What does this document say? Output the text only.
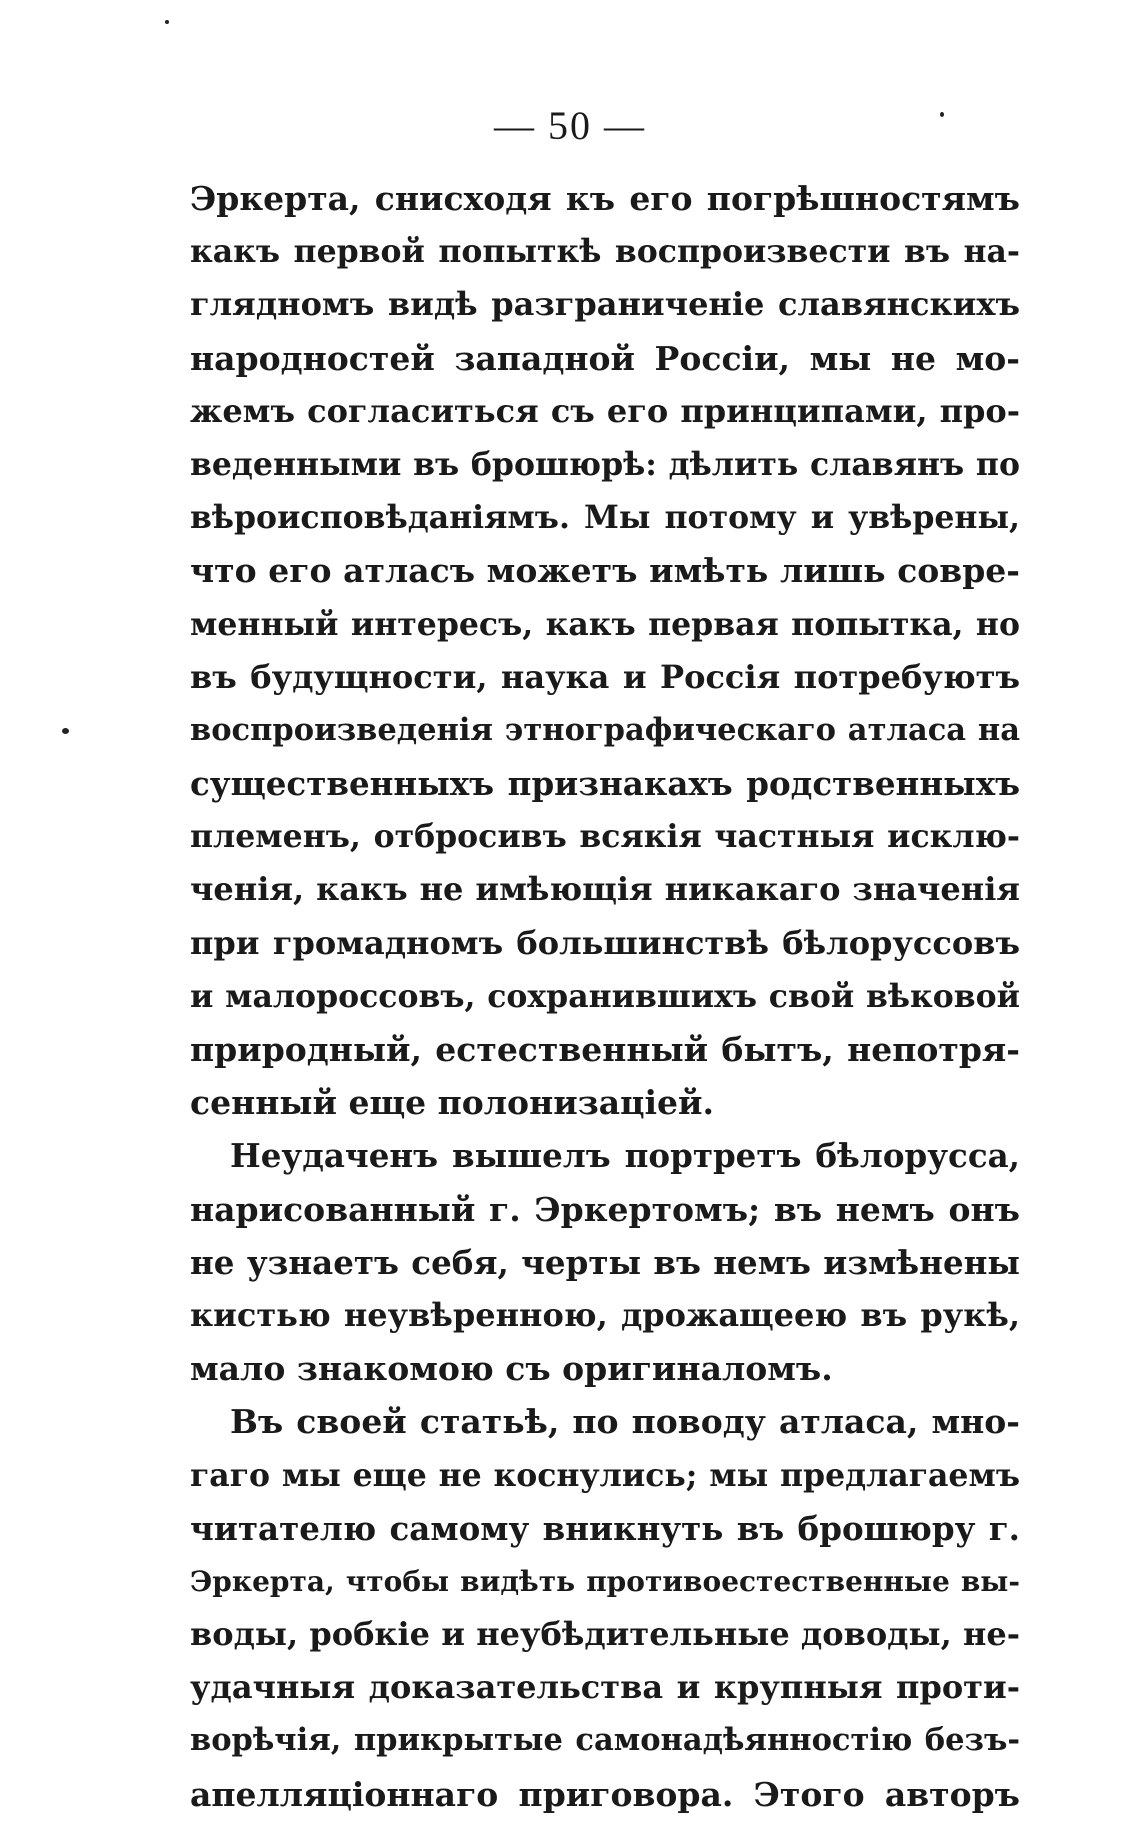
— 50 —
Эркерта, снисходя къ его погрѣшностямъ
какъ первой попыткѣ воспроизвести въ на-
глядномъ видѣ разграниченіе славянскихъ
народностей западной Россіи, мы не мо-
жемъ согласиться съ его принципами, про-
веденными въ брошюрѣ: дѣлить славянъ по
вѣроисповѣданіямъ. Мы потому и увѣрены,
что его атласъ можетъ имѣть лишь совре-
менный интересъ, какъ первая попытка, но
въ будущности, наука и Россія потребуютъ
воспроизведенія этнографическаго атласа на
существенныхъ признакахъ родственныхъ
племенъ, отбросивъ всякія частныя исклю-
ченія, какъ не имѣющія никакаго значенія
при громадномъ большинствѣ бѣлоруссовъ
и малороссовъ, сохранившихъ свой вѣковой
природный, естественный бытъ, непотря-
сенный еще полонизаціей.
Неудаченъ вышелъ портретъ бѣлорусса,
нарисованный г. Эркертомъ; въ немъ онъ
не узнаетъ себя, черты въ немъ измѣнены
кистью неувѣренною, дрожащеею въ рукѣ,
мало знакомою съ оригиналомъ.
Въ своей статьѣ, по поводу атласа, мно-
гаго мы еще не коснулись; мы предлагаемъ
читателю самому вникнуть въ брошюру г.
Эркерта, чтобы видѣть противоестественные вы-
воды, робкіе и неубѣдительные доводы, не-
удачныя доказательства и крупныя проти-
ворѣчія, прикрытые самонадѣянностію безъ-
апелляціоннаго приговора. Этого авторъ
